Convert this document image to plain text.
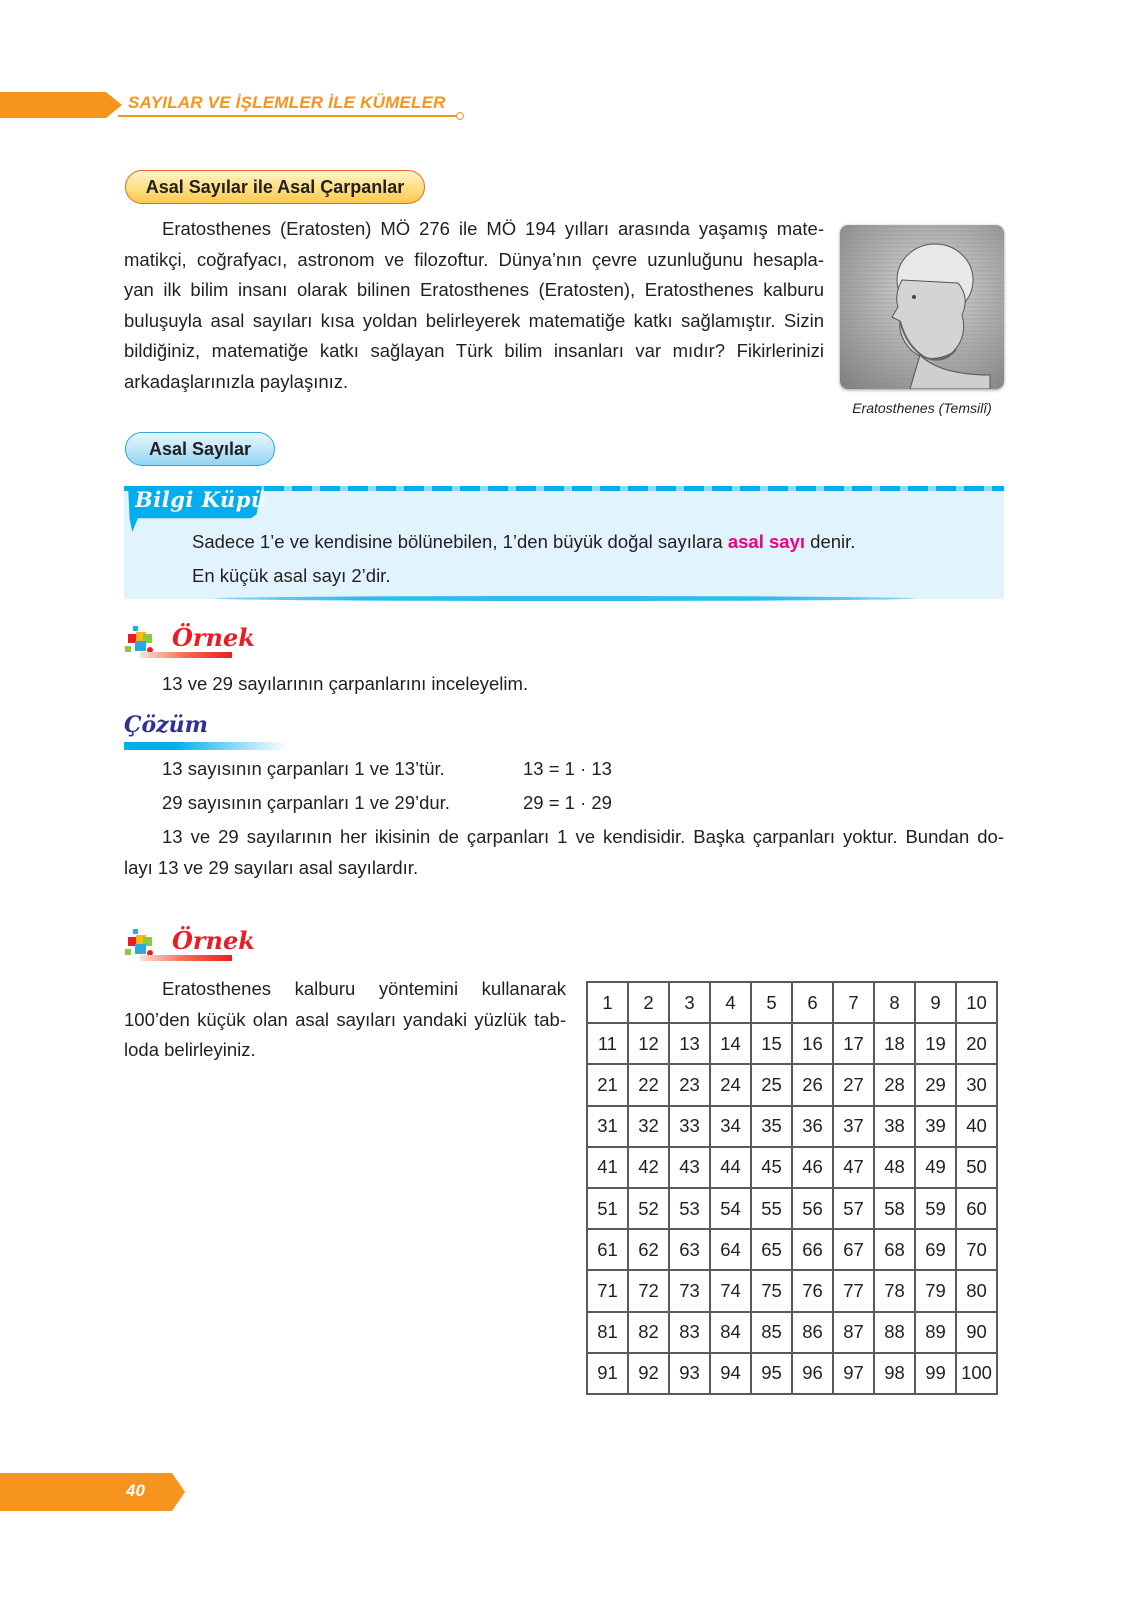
SAYILAR VE İŞLEMLER İLE KÜMELER
Asal Sayılar ile Asal Çarpanlar
Eratosthenes (Eratosten) MÖ 276 ile MÖ 194 yılları arasında yaşamış mate-
matikçi, coğrafyacı, astronom ve filozoftur. Dünya’nın çevre uzunluğunu hesapla-
yan ilk bilim insanı olarak bilinen Eratosthenes (Eratosten), Eratosthenes kalburu
buluşuyla asal sayıları kısa yoldan belirleyerek matematiğe katkı sağlamıştır. Sizin
bildiğiniz, matematiğe katkı sağlayan Türk bilim insanları var mıdır? Fikirlerinizi
arkadaşlarınızla paylaşınız.
Eratosthenes (Temsilî)
Asal Sayılar
Bilgi Küpü
Sadece 1’e ve kendisine bölünebilen, 1’den büyük doğal sayılara asal sayı denir.
En küçük asal sayı 2’dir.
Örnek
13 ve 29 sayılarının çarpanlarını inceleyelim.
Çözüm
13 sayısının çarpanları 1 ve 13’tür.	13 = 1 · 13
29 sayısının çarpanları 1 ve 29’dur.	29 = 1 · 29
13 ve 29 sayılarının her ikisinin de çarpanları 1 ve kendisidir. Başka çarpanları yoktur. Bundan do-
layı 13 ve 29 sayıları asal sayılardır.
Örnek
Eratosthenes kalburu yöntemini kullanarak
100’den küçük olan asal sayıları yandaki yüzlük tab-
loda belirleyiniz.
1	2	3	4	5	6	7	8	9	10
11	12	13	14	15	16	17	18	19	20
21	22	23	24	25	26	27	28	29	30
31	32	33	34	35	36	37	38	39	40
41	42	43	44	45	46	47	48	49	50
51	52	53	54	55	56	57	58	59	60
61	62	63	64	65	66	67	68	69	70
71	72	73	74	75	76	77	78	79	80
81	82	83	84	85	86	87	88	89	90
91	92	93	94	95	96	97	98	99	100
40
